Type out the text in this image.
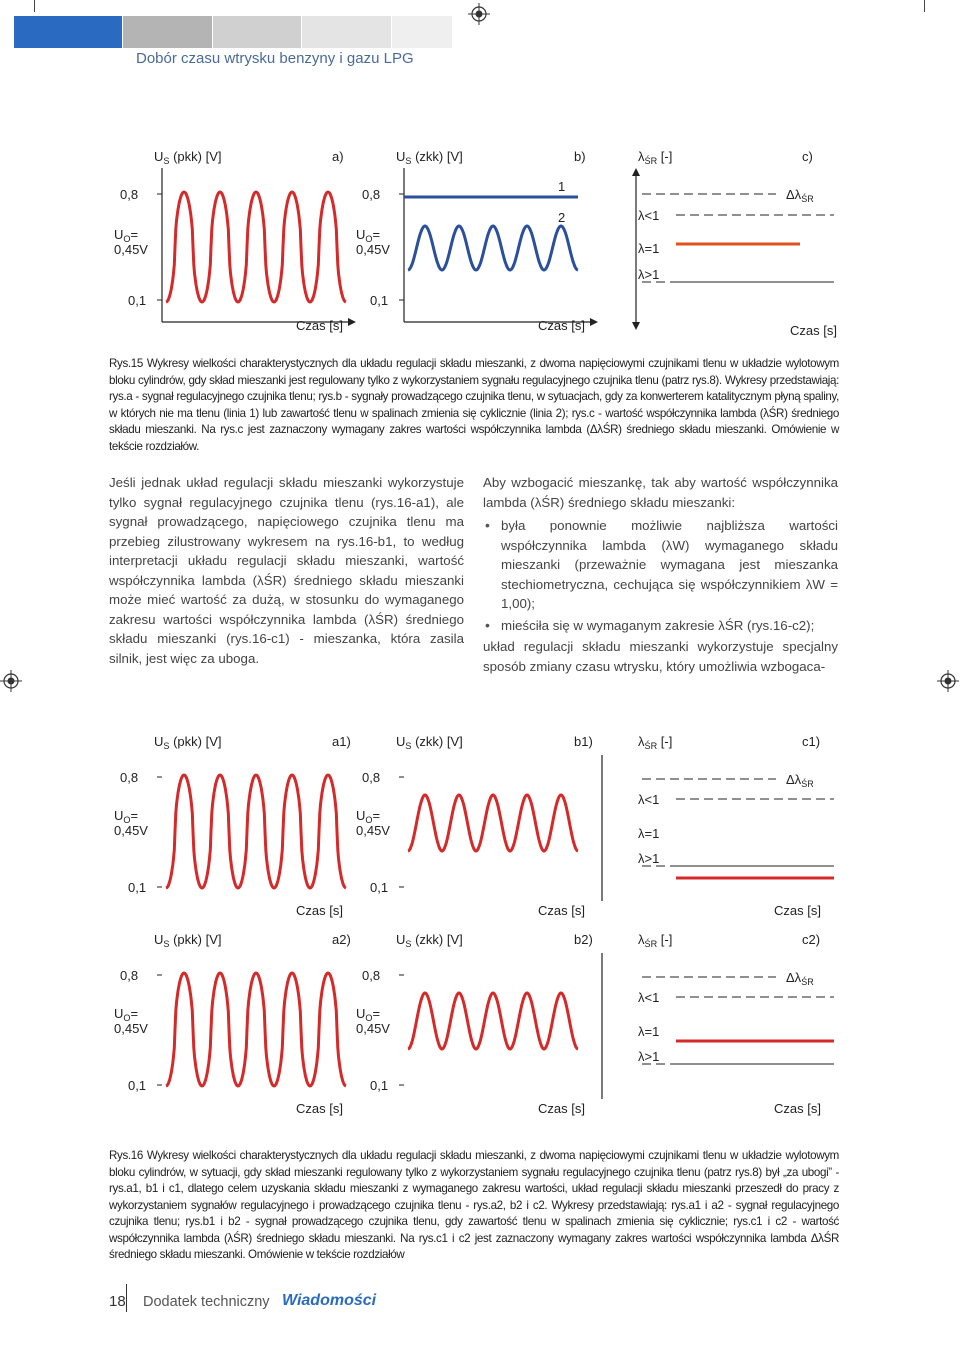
Dobór czasu wtrysku benzyny i gazu LPG
$U_S$ (pkk) [V]	a)
0,8
$U_O=$
0,45V
0,1
Czas [s]
$U_S$ (zkk) [V]	b)
0,8
$U_O=$
0,45V
0,1
Czas [s]
1
2
$\lambda_{ŚR}$ [-]	c)
$\Delta\lambda_{ŚR}$
λ<1
λ=1
λ>1
Czas [s]
Rys.15 Wykresy wielkości charakterystycznych dla układu regulacji składu mieszanki, z dwoma napięciowymi czujnikami tlenu w układzie wylotowym bloku cylindrów, gdy skład mieszanki jest regulowany tylko z wykorzystaniem sygnału regulacyjnego czujnika tlenu (patrz rys.8). Wykresy przedstawiają: rys.a - sygnał regulacyjnego czujnika tlenu; rys.b - sygnały prowadzącego czujnika tlenu, w sytuacjach, gdy za konwerterem katalitycznym płyną spaliny, w których nie ma tlenu (linia 1) lub zawartość tlenu w spalinach zmienia się cyklicznie (linia 2); rys.c - wartość współczynnika lambda (λŚR) średniego składu mieszanki. Na rys.c jest zaznaczony wymagany zakres wartości współczynnika lambda (ΔλŚR) średniego składu mieszanki. Omówienie w tekście rozdziałów.

Jeśli jednak układ regulacji składu mieszanki wykorzystuje tylko sygnał regulacyjnego czujnika tlenu (rys.16-a1), ale sygnał prowadzącego, napięciowego czujnika tlenu ma przebieg zilustrowany wykresem na rys.16-b1, to według interpretacji układu regulacji składu mieszanki, wartość współczynnika lambda (λŚR) średniego składu mieszanki może mieć wartość za dużą, w stosunku do wymaganego zakresu wartości współczynnika lambda (λŚR) średniego składu mieszanki (rys.16-c1) - mieszanka, która zasila silnik, jest więc za uboga.

Aby wzbogacić mieszankę, tak aby wartość współczynnika lambda (λŚR) średniego składu mieszanki:

• była ponownie możliwie najbliższa wartości współczynnika lambda (λW) wymaganego składu mieszanki (przeważnie wymagana jest mieszanka stechiometryczna, cechująca się współczynnikiem λW = 1,00);
• mieściła się w wymaganym zakresie λŚR (rys.16-c2);

układ regulacji składu mieszanki wykorzystuje specjalny sposób zmiany czasu wtrysku, który umożliwia wzbogaca-

$U_S$ (pkk) [V]	a1)
0,8
$U_O=$
0,45V
0,1
Czas [s]
$U_S$ (zkk) [V]	b1)
0,8
$U_O=$
0,45V
0,1
Czas [s]
$\lambda_{ŚR}$ [-]	c1)
$\Delta\lambda_{ŚR}$
λ<1
λ=1
λ>1
Czas [s]
$U_S$ (pkk) [V]	a2)
0,8
$U_O=$
0,45V
0,1
Czas [s]
$U_S$ (zkk) [V]	b2)
0,8
$U_O=$
0,45V
0,1
Czas [s]
$\lambda_{ŚR}$ [-]	c2)
$\Delta\lambda_{ŚR}$
λ<1
λ=1
λ>1
Czas [s]
Rys.16 Wykresy wielkości charakterystycznych dla układu regulacji składu mieszanki, z dwoma napięciowymi czujnikami tlenu w układzie wylotowym bloku cylindrów, w sytuacji, gdy skład mieszanki regulowany tylko z wykorzystaniem sygnału regulacyjnego czujnika tlenu (patrz rys.8) był „za ubogi” - rys.a1, b1 i c1, dlatego celem uzyskania składu mieszanki z wymaganego zakresu wartości, układ regulacji składu mieszanki przeszedł do pracy z wykorzystaniem sygnałów regulacyjnego i prowadzącego czujnika tlenu - rys.a2, b2 i c2. Wykresy przedstawiają: rys.a1 i a2 - sygnał regulacyjnego czujnika tlenu; rys.b1 i b2 - sygnał prowadzącego czujnika tlenu, gdy zawartość tlenu w spalinach zmienia się cyklicznie; rys.c1 i c2 - wartość współczynnika lambda (λŚR) średniego składu mieszanki. Na rys.c1 i c2 jest zaznaczony wymagany zakres wartości współczynnika lambda ΔλŚR średniego składu mieszanki. Omówienie w tekście rozdziałów
18 Dodatek techniczny Wiadomości
